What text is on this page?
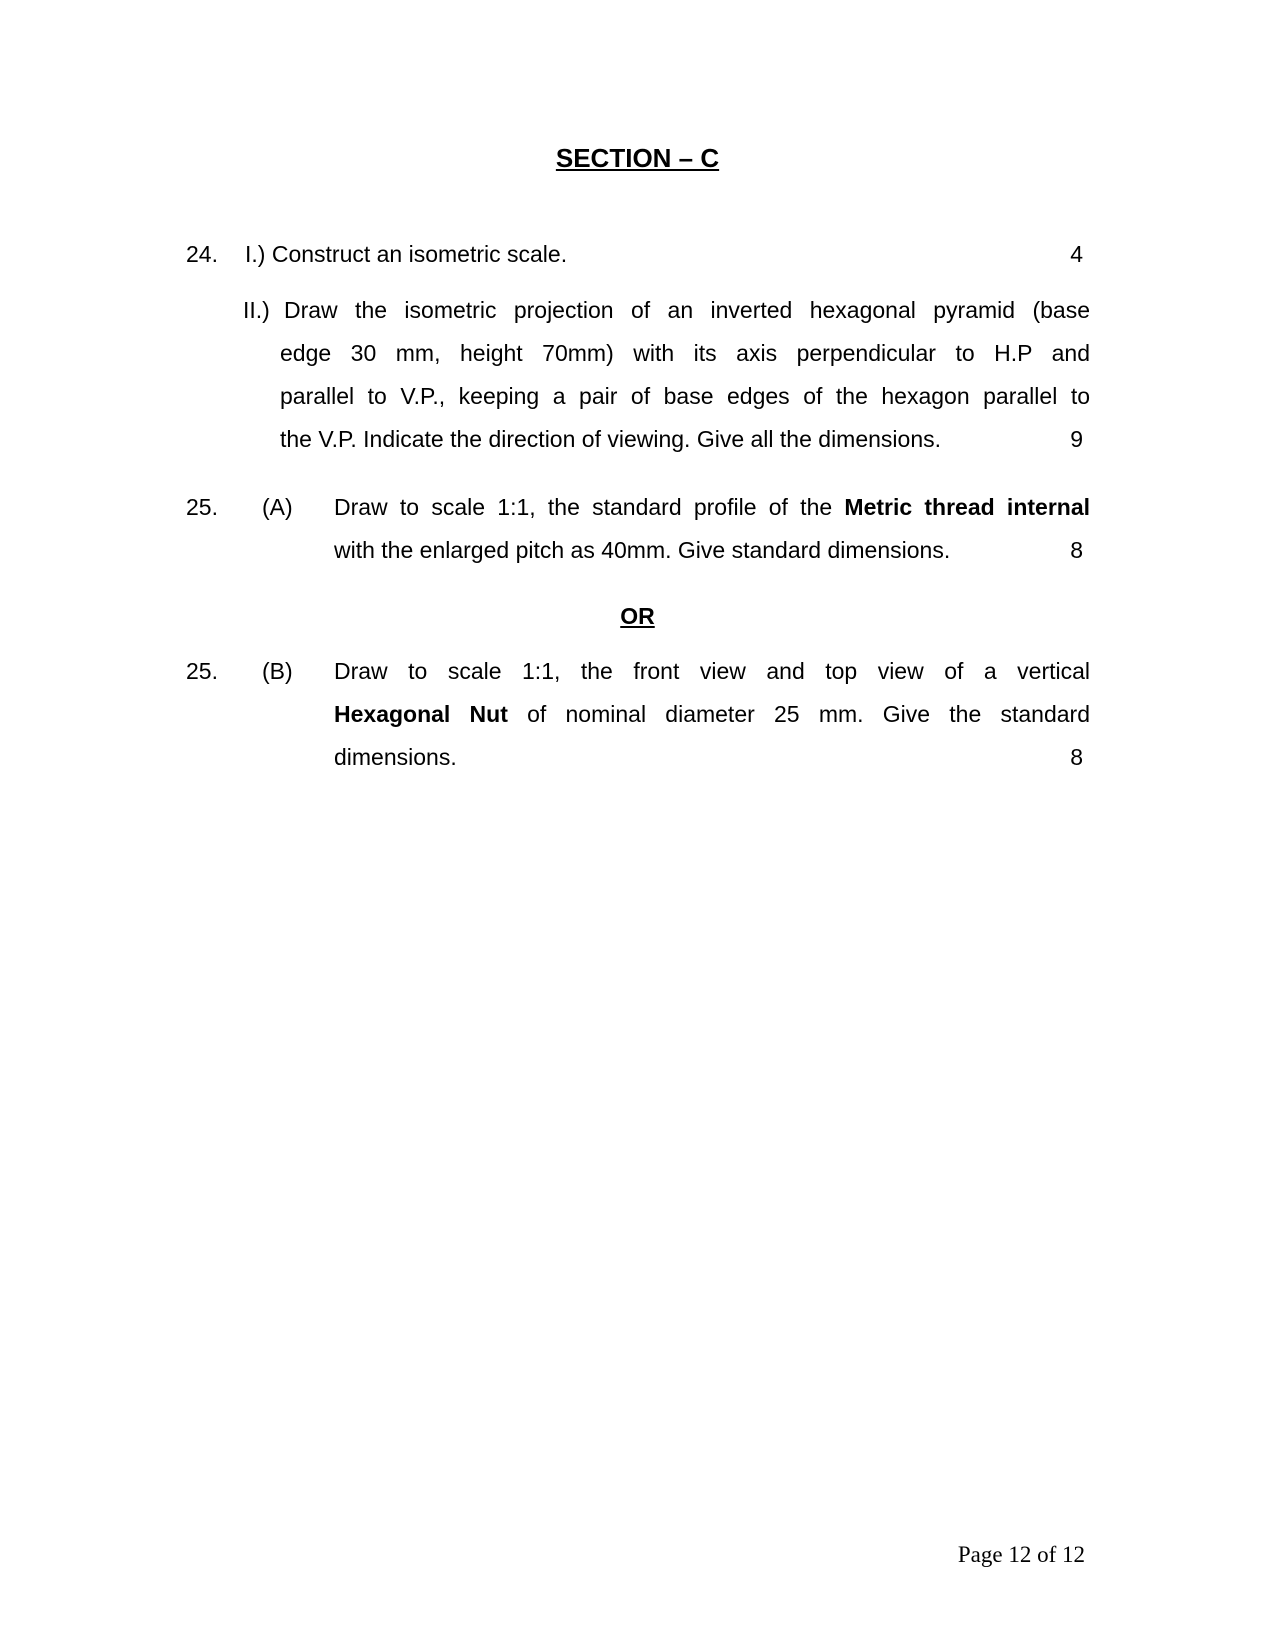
SECTION – C
24. I.) Construct an isometric scale.	4
II.) Draw the isometric projection of an inverted hexagonal pyramid (base
edge 30 mm, height 70mm) with its axis perpendicular to H.P and
parallel to V.P., keeping a pair of base edges of the hexagon parallel to
the V.P. Indicate the direction of viewing. Give all the dimensions.	9
25. (A) Draw to scale 1:1, the standard profile of the Metric thread internal
with the enlarged pitch as 40mm. Give standard dimensions.	8
OR
25. (B) Draw to scale 1:1, the front view and top view of a vertical
Hexagonal Nut of nominal diameter 25 mm. Give the standard
dimensions.	8
Page 12 of 12
